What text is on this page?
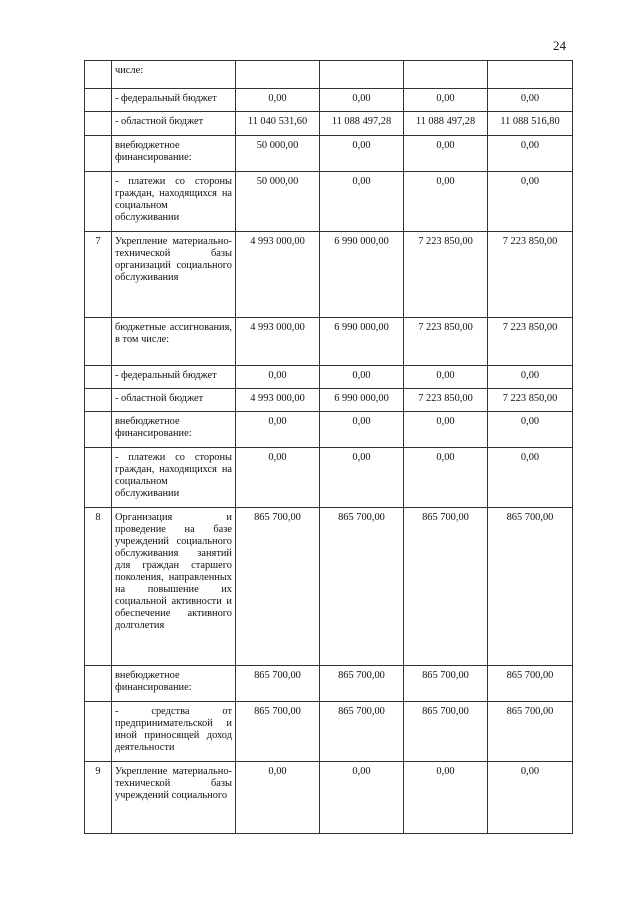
24
	числе:				
	- федеральный бюджет	0,00	0,00	0,00	0,00
	- областной бюджет	11 040 531,60	11 088 497,28	11 088 497,28	11 088 516,80
	внебюджетное финансирование:	50 000,00	0,00	0,00	0,00
	- платежи со стороны граждан, находящихся на социальном обслуживании	50 000,00	0,00	0,00	0,00
7	Укрепление материально-технической базы организаций социального обслуживания	4 993 000,00	6 990 000,00	7 223 850,00	7 223 850,00
	бюджетные ассигнования, в том числе:	4 993 000,00	6 990 000,00	7 223 850,00	7 223 850,00
	- федеральный бюджет	0,00	0,00	0,00	0,00
	- областной бюджет	4 993 000,00	6 990 000,00	7 223 850,00	7 223 850,00
	внебюджетное финансирование:	0,00	0,00	0,00	0,00
	- платежи со стороны граждан, находящихся на социальном обслуживании	0,00	0,00	0,00	0,00
8	Организация и проведение на базе учреждений социального обслуживания занятий для граждан старшего поколения, направленных на повышение их социальной активности и обеспечение активного долголетия	865 700,00	865 700,00	865 700,00	865 700,00
	внебюджетное финансирование:	865 700,00	865 700,00	865 700,00	865 700,00
	- средства от предпринимательской и иной приносящей доход деятельности	865 700,00	865 700,00	865 700,00	865 700,00
9	Укрепление материально-технической базы учреждений социального	0,00	0,00	0,00	0,00
